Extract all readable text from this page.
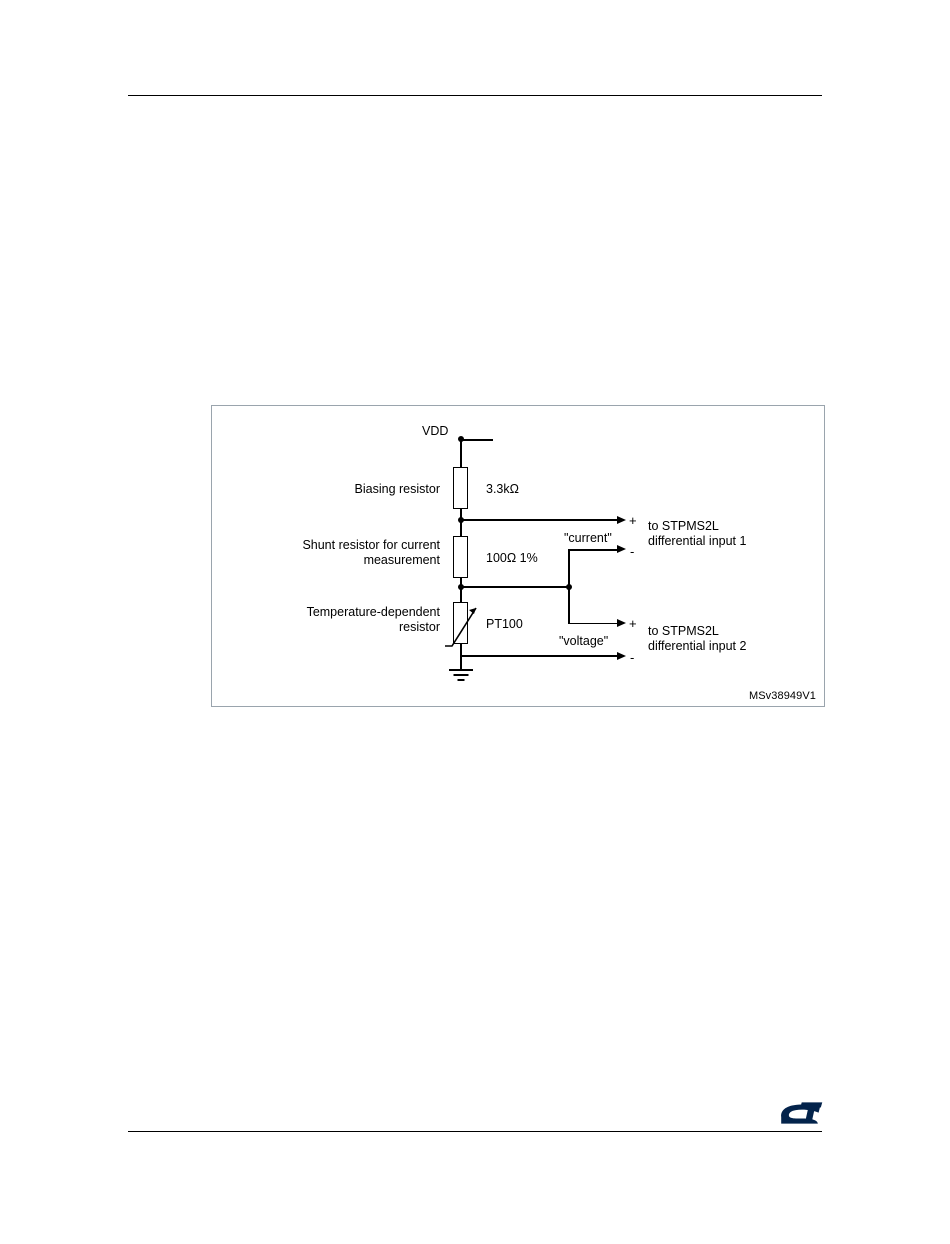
VDD
Biasing resistor	3.3kΩ
Shunt resistor for current
measurement	100Ω 1%
Temperature-dependent
resistor	PT100
"current"
"voltage"
+
-
+
-
to STPMS2L
differential input 1
to STPMS2L
differential input 2
MSv38949V1
